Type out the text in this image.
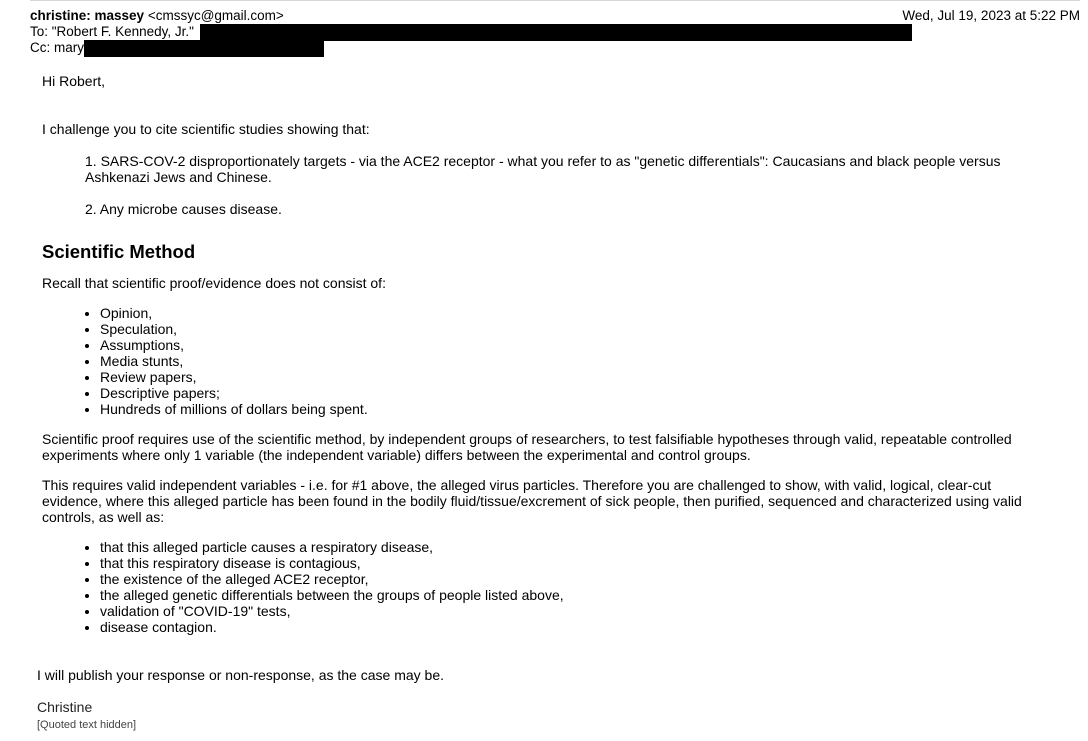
christine: massey <cmssyc@gmail.com>	Wed, Jul 19, 2023 at 5:22 PM
To: "Robert F. Kennedy, Jr."
Cc: mary

Hi Robert,

I challenge you to cite scientific studies showing that:

1. SARS-COV-2 disproportionately targets - via the ACE2 receptor - what you refer to as "genetic differentials": Caucasians and black people versus Ashkenazi Jews and Chinese.
2. Any microbe causes disease.
Scientific Method

Recall that scientific proof/evidence does not consist of:

• Opinion,
• Speculation,
• Assumptions,
• Media stunts,
• Review papers,
• Descriptive papers;
• Hundreds of millions of dollars being spent.

Scientific proof requires use of the scientific method, by independent groups of researchers, to test falsifiable hypotheses through valid, repeatable controlled experiments where only 1 variable (the independent variable) differs between the experimental and control groups.

This requires valid independent variables - i.e. for #1 above, the alleged virus particles. Therefore you are challenged to show, with valid, logical, clear-cut evidence, where this alleged particle has been found in the bodily fluid/tissue/excrement of sick people, then purified, sequenced and characterized using valid controls, as well as:

• that this alleged particle causes a respiratory disease,
• that this respiratory disease is contagious,
• the existence of the alleged ACE2 receptor,
• the alleged genetic differentials between the groups of people listed above,
• validation of "COVID-19" tests,
• disease contagion.
I will publish your response or non-response, as the case may be.
Christine
[Quoted text hidden]
